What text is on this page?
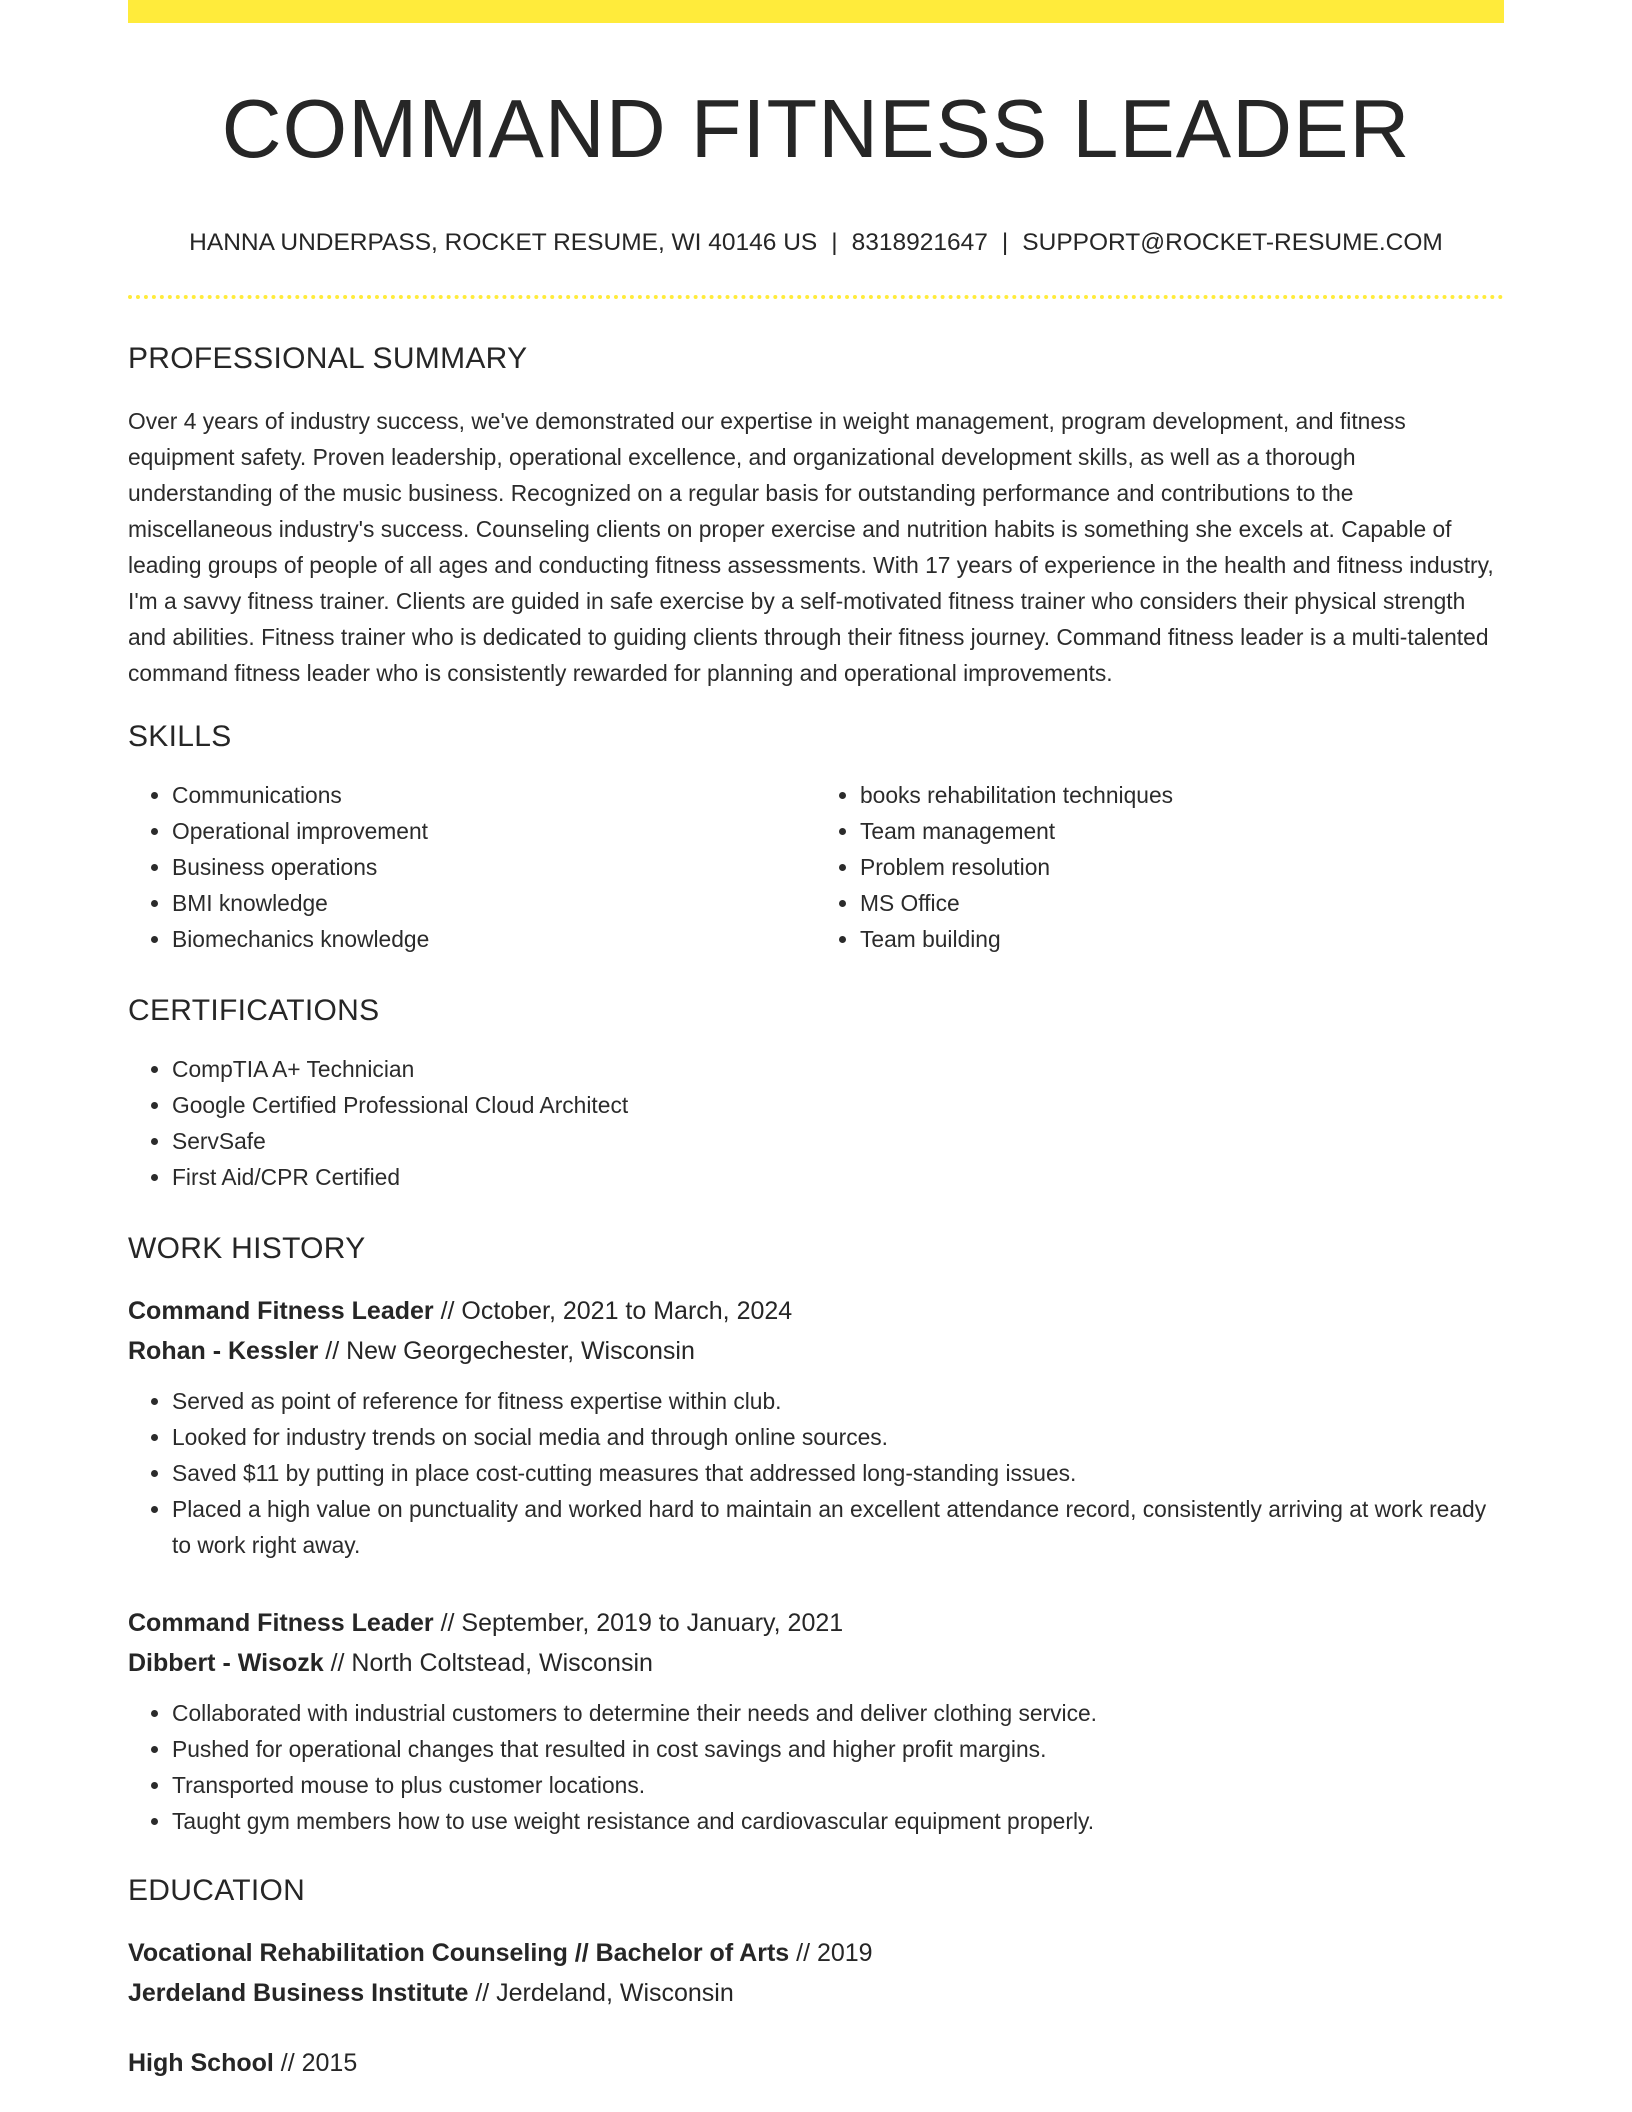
COMMAND FITNESS LEADER
HANNA UNDERPASS, ROCKET RESUME, WI 40146 US | 8318921647 | SUPPORT@ROCKET-RESUME.COM
PROFESSIONAL SUMMARY

Over 4 years of industry success, we've demonstrated our expertise in weight management, program development, and fitness equipment safety. Proven leadership, operational excellence, and organizational development skills, as well as a thorough understanding of the music business. Recognized on a regular basis for outstanding performance and contributions to the miscellaneous industry's success. Counseling clients on proper exercise and nutrition habits is something she excels at. Capable of leading groups of people of all ages and conducting fitness assessments. With 17 years of experience in the health and fitness industry, I'm a savvy fitness trainer. Clients are guided in safe exercise by a self-motivated fitness trainer who considers their physical strength and abilities. Fitness trainer who is dedicated to guiding clients through their fitness journey. Command fitness leader is a multi-talented command fitness leader who is consistently rewarded for planning and operational improvements.

SKILLS
• Communications
• Operational improvement
• Business operations
• BMI knowledge
• Biomechanics knowledge
• books rehabilitation techniques
• Team management
• Problem resolution
• MS Office
• Team building
CERTIFICATIONS
• CompTIA A+ Technician
• Google Certified Professional Cloud Architect
• ServSafe
• First Aid/CPR Certified
WORK HISTORY
Command Fitness Leader // October, 2021 to March, 2024
Rohan - Kessler // New Georgechester, Wisconsin
• Served as point of reference for fitness expertise within club.
• Looked for industry trends on social media and through online sources.
• Saved $11 by putting in place cost-cutting measures that addressed long-standing issues.
• Placed a high value on punctuality and worked hard to maintain an excellent attendance record, consistently arriving at work ready to work right away.
Command Fitness Leader // September, 2019 to January, 2021
Dibbert - Wisozk // North Coltstead, Wisconsin
• Collaborated with industrial customers to determine their needs and deliver clothing service.
• Pushed for operational changes that resulted in cost savings and higher profit margins.
• Transported mouse to plus customer locations.
• Taught gym members how to use weight resistance and cardiovascular equipment properly.
EDUCATION
Vocational Rehabilitation Counseling // Bachelor of Arts // 2019
Jerdeland Business Institute // Jerdeland, Wisconsin
High School // 2015
